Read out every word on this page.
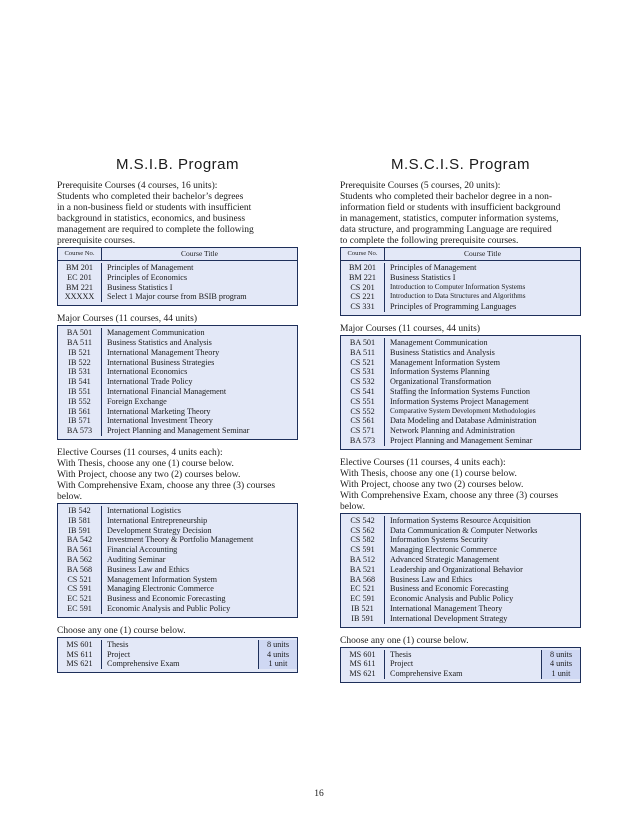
M.S.I.B. Program
Prerequisite Courses (4 courses, 16 units):
Students who completed their bachelor’s degrees
in a non-business field or students with insufficient
background in statistics, economics, and business
management are required to complete the following
prerequisite courses.
Course No.	Course Title
BM 201
EC 201
BM 221
XXXXX
Principles of Management
Principles of Economics
Business Statistics I
Select 1 Major course from BSIB program
Major Courses (11 courses, 44 units)
BA 501
BA 511
IB 521
IB 522
IB 531
IB 541
IB 551
IB 552
IB 561
IB 571
BA 573
Management Communication
Business Statistics and Analysis
International Management Theory
International Business Strategies
International Economics
International Trade Policy
International Financial Management
Foreign Exchange
International Marketing Theory
International Investment Theory
Project Planning and Management Seminar
Elective Courses (11 courses, 4 units each):
With Thesis, choose any one (1) course below.
With Project, choose any two (2) courses below.
With Comprehensive Exam, choose any three (3) courses
below.
IB 542
IB 581
IB 591
BA 542
BA 561
BA 562
BA 568
CS 521
CS 591
EC 521
EC 591
International Logistics
International Entrepreneurship
Development Strategy Decision
Investment Theory & Portfolio Management
Financial Accounting
Auditing Seminar
Business Law and Ethics
Management Information System
Managing Electronic Commerce
Business and Economic Forecasting
Economic Analysis and Public Policy
Choose any one (1) course below.
MS 601
MS 611
MS 621
Thesis
Project
Comprehensive Exam
8 units
4 units
1 unit
M.S.C.I.S. Program
Prerequisite Courses (5 courses, 20 units):
Students who completed their bachelor degree in a non-
information field or students with insufficient background
in management, statistics, computer information systems,
data structure, and programming Language are required
to complete the following prerequisite courses.
Course No.	Course Title
BM 201
BM 221
CS 201
CS 221
CS 331
Principles of Management
Business Statistics I
Introduction to Computer Information Systems
Introduction to Data Structures and Algorithms
Principles of Programming Languages
Major Courses (11 courses, 44 units)
BA 501
BA 511
CS 521
CS 531
CS 532
CS 541
CS 551
CS 552
CS 561
CS 571
BA 573
Management Communication
Business Statistics and Analysis
Management Information System
Information Systems Planning
Organizational Transformation
Staffing the Information Systems Function
Information Systems Project Management
Comparative System Development Methodologies
Data Modeling and Database Administration
Network Planning and Administration
Project Planning and Management Seminar
Elective Courses (11 courses, 4 units each):
With Thesis, choose any one (1) course below.
With Project, choose any two (2) courses below.
With Comprehensive Exam, choose any three (3) courses
below.
CS 542
CS 562
CS 582
CS 591
BA 512
BA 521
BA 568
EC 521
EC 591
IB 521
IB 591
Information Systems Resource Acquisition
Data Communication & Computer Networks
Information Systems Security
Managing Electronic Commerce
Advanced Strategic Management
Leadership and Organizational Behavior
Business Law and Ethics
Business and Economic Forecasting
Economic Analysis and Public Policy
International Management Theory
International Development Strategy
Choose any one (1) course below.
MS 601
MS 611
MS 621
Thesis
Project
Comprehensive Exam
8 units
4 units
1 unit
16
